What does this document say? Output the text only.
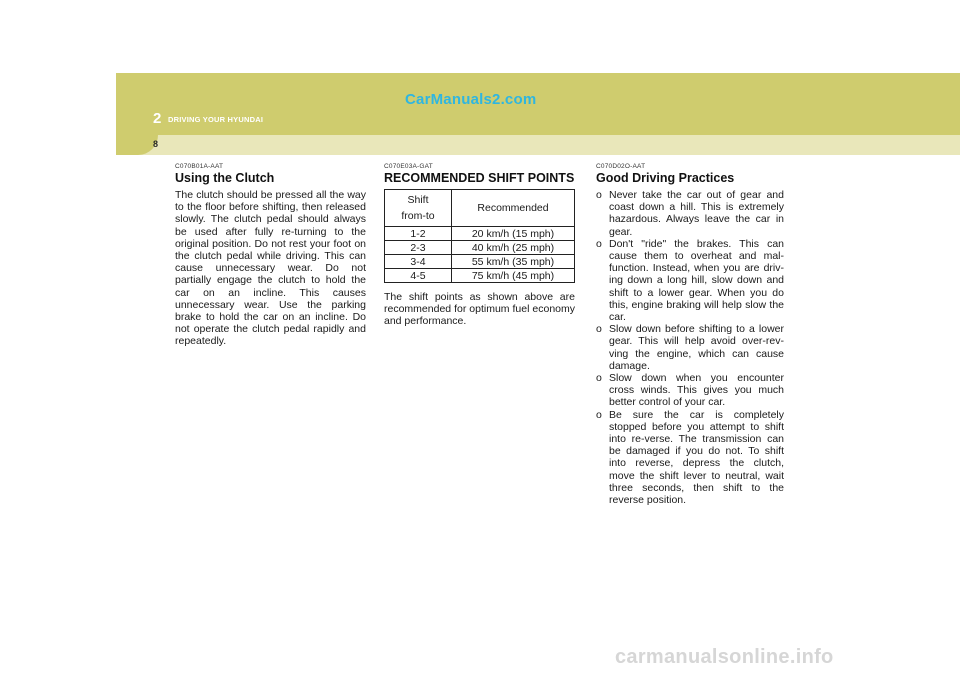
2 DRIVING YOUR HYUNDAI
8
CarManuals2.com
C070B01A-AAT
Using the Clutch

The clutch should be pressed all the way to the floor before shifting, then released slowly. The clutch pedal should always be used after fully re-turning to the original position. Do not rest your foot on the clutch pedal while driving. This can cause unnecessary wear. Do not partially engage the clutch to hold the car on an incline. This causes unnecessary wear. Use the parking brake to hold the car on an incline. Do not operate the clutch pedal rapidly and repeatedly.

C070E03A-GAT
RECOMMENDED SHIFT POINTS
Shift
from-to	Recommended
1-2	20 km/h (15 mph)
2-3	40 km/h (25 mph)
3-4	55 km/h (35 mph)
4-5	75 km/h (45 mph)

The shift points as shown above are recommended for optimum fuel economy and performance.

C070D02O-AAT
Good Driving Practices
o Never take the car out of gear and coast down a hill. This is extremely hazardous. Always leave the car in gear.
o Don't "ride" the brakes. This can cause them to overheat and mal-function. Instead, when you are driv-ing down a long hill, slow down and shift to a lower gear. When you do this, engine braking will help slow the car.
o Slow down before shifting to a lower gear. This will help avoid over-rev-ving the engine, which can cause damage.
o Slow down when you encounter cross winds. This gives you much better control of your car.
o Be sure the car is completely stopped before you attempt to shift into re-verse. The transmission can be damaged if you do not. To shift into reverse, depress the clutch, move the shift lever to neutral, wait three seconds, then shift to the reverse position.
carmanualsonline.info
